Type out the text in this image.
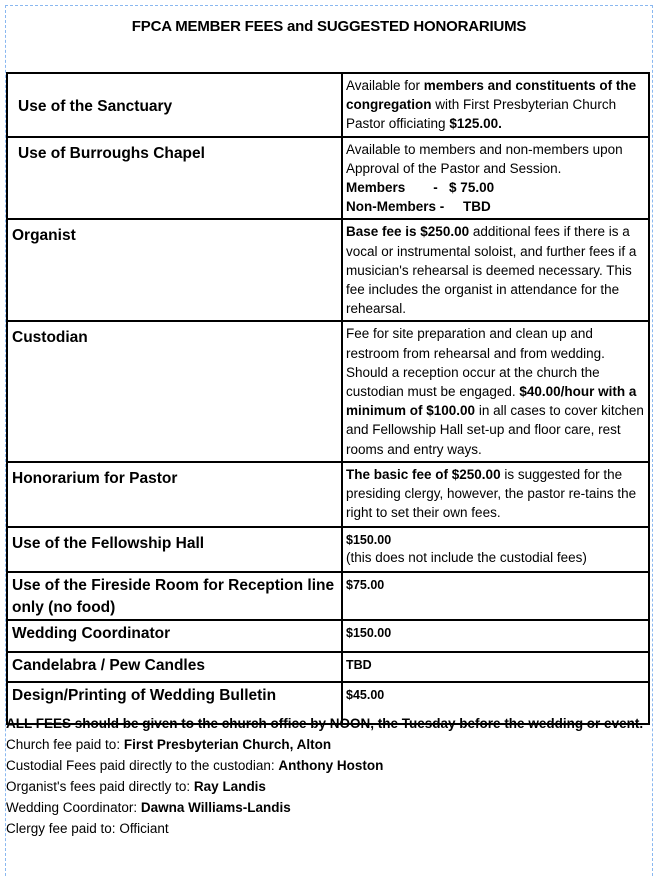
FPCA MEMBER FEES and SUGGESTED HONORARIUMS
Use of the Sanctuary	Available for members and constituents of the congregation with First Presbyterian Church Pastor officiating $125.00.

Use of Burroughs Chapel	Available to members and non-members upon Approval of the Pastor and Session.
Members - $ 75.00
Non-Members - TBD

Organist	Base fee is $250.00 additional fees if there is a vocal or instrumental soloist, and further fees if a musician's rehearsal is deemed necessary. This fee includes the organist in attendance for the rehearsal.

Custodian	Fee for site preparation and clean up and restroom from rehearsal and from wedding. Should a reception occur at the church the custodian must be engaged. $40.00/hour with a minimum of $100.00 in all cases to cover kitchen and Fellowship Hall set-up and floor care, rest rooms and entry ways.

Honorarium for Pastor	The basic fee of $250.00 is suggested for the presiding clergy, however, the pastor re-tains the right to set their own fees.

Use of the Fellowship Hall	$150.00
(this does not include the custodial fees)

Use of the Fireside Room for Reception line only (no food)	$75.00

Wedding Coordinator	$150.00

Candelabra / Pew Candles	TBD

Design/Printing of Wedding Bulletin	$45.00
ALL FEES should be given to the church office by NOON, the Tuesday before the wedding or event.
Church fee paid to: First Presbyterian Church, Alton
Custodial Fees paid directly to the custodian: Anthony Hoston
Organist's fees paid directly to: Ray Landis
Wedding Coordinator: Dawna Williams-Landis
Clergy fee paid to: Officiant
